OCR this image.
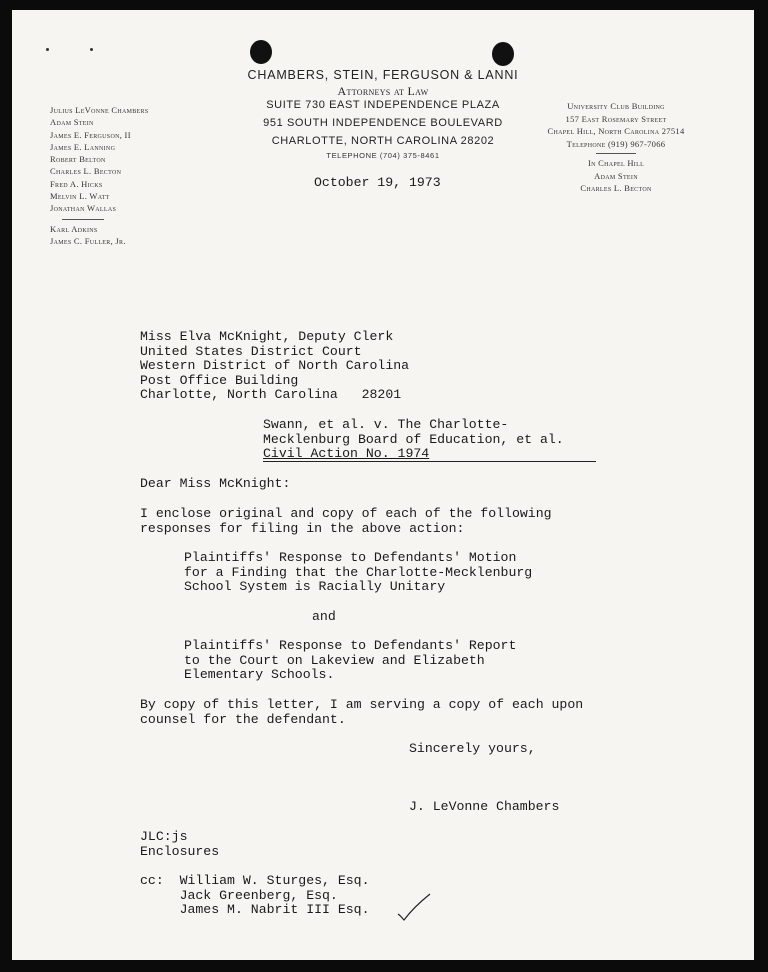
CHAMBERS, STEIN, FERGUSON & LANNI
Attorneys at Law
SUITE 730 EAST INDEPENDENCE PLAZA
951 SOUTH INDEPENDENCE BOULEVARD
CHARLOTTE, NORTH CAROLINA 28202
TELEPHONE (704) 375-8461
Julius LeVonne Chambers
Adam Stein
James E. Ferguson, II
James E. Lanning
Robert Belton
Charles L. Becton
Fred A. Hicks
Melvin L. Watt
Jonathan Wallas
Karl Adkins
James C. Fuller, Jr.
University Club Building
157 East Rosemary Street
Chapel Hill, North Carolina 27514
Telephone (919) 967-7066
In Chapel Hill
Adam Stein
Charles L. Becton
October 19, 1973
Miss Elva McKnight, Deputy Clerk
United States District Court
Western District of North Carolina
Post Office Building
Charlotte, North Carolina   28201
Swann, et al. v. The Charlotte-
Mecklenburg Board of Education, et al.
Civil Action No. 1974
Dear Miss McKnight:
I enclose original and copy of each of the following
responses for filing in the above action:
Plaintiffs' Response to Defendants' Motion
for a Finding that the Charlotte-Mecklenburg
School System is Racially Unitary
and
Plaintiffs' Response to Defendants' Report
to the Court on Lakeview and Elizabeth
Elementary Schools.
By copy of this letter, I am serving a copy of each upon
counsel for the defendant.
Sincerely yours,
J. LeVonne Chambers
JLC:js
Enclosures
cc:  William W. Sturges, Esq.
Jack Greenberg, Esq.
James M. Nabrit III Esq.
